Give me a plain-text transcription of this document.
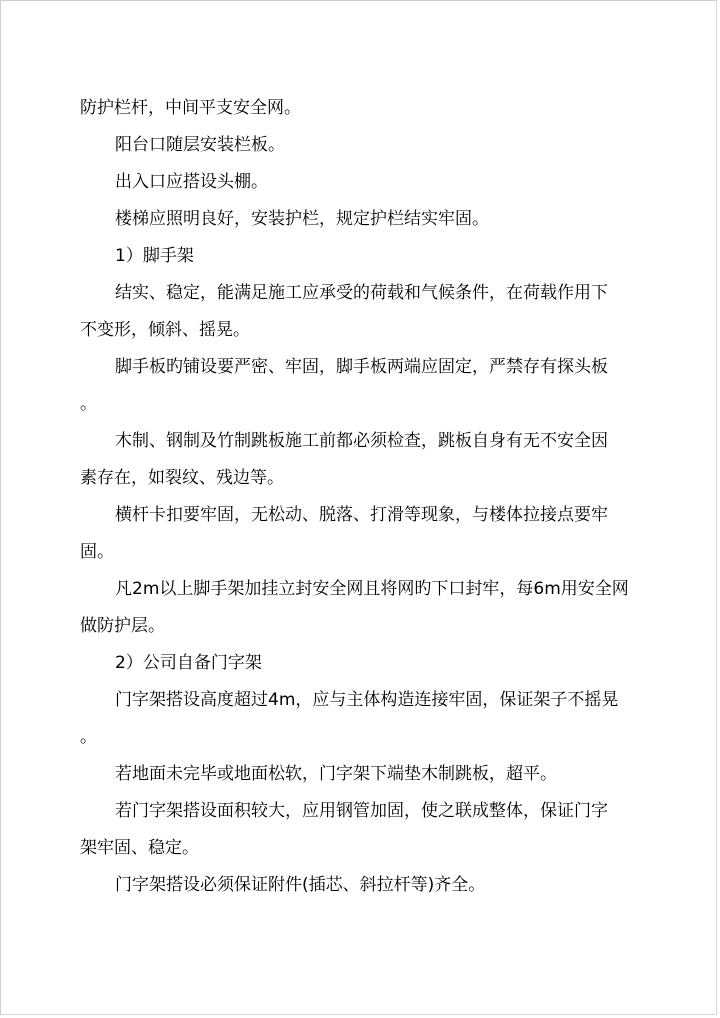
防护栏杆，中间平支安全网。

阳台口随层安装栏板。

出入口应搭设头棚。

楼梯应照明良好，安装护栏，规定护栏结实牢固。

1）脚手架

结实、稳定，能满足施工应承受的荷载和气候条件，在荷载作用下

不变形，倾斜、摇晃。

脚手板旳铺设要严密、牢固，脚手板两端应固定，严禁存有探头板

。

木制、钢制及竹制跳板施工前都必须检查，跳板自身有无不安全因

素存在，如裂纹、残边等。

横杆卡扣要牢固，无松动、脱落、打滑等现象，与楼体拉接点要牢

固。

凡2m以上脚手架加挂立封安全网且将网旳下口封牢，每6m用安全网

做防护层。

2）公司自备门字架

门字架搭设高度超过4m，应与主体构造连接牢固，保证架子不摇晃

。

若地面未完毕或地面松软，门字架下端垫木制跳板，超平。

若门字架搭设面积较大，应用钢管加固，使之联成整体，保证门字

架牢固、稳定。

门字架搭设必须保证附件(插芯、斜拉杆等)齐全。
